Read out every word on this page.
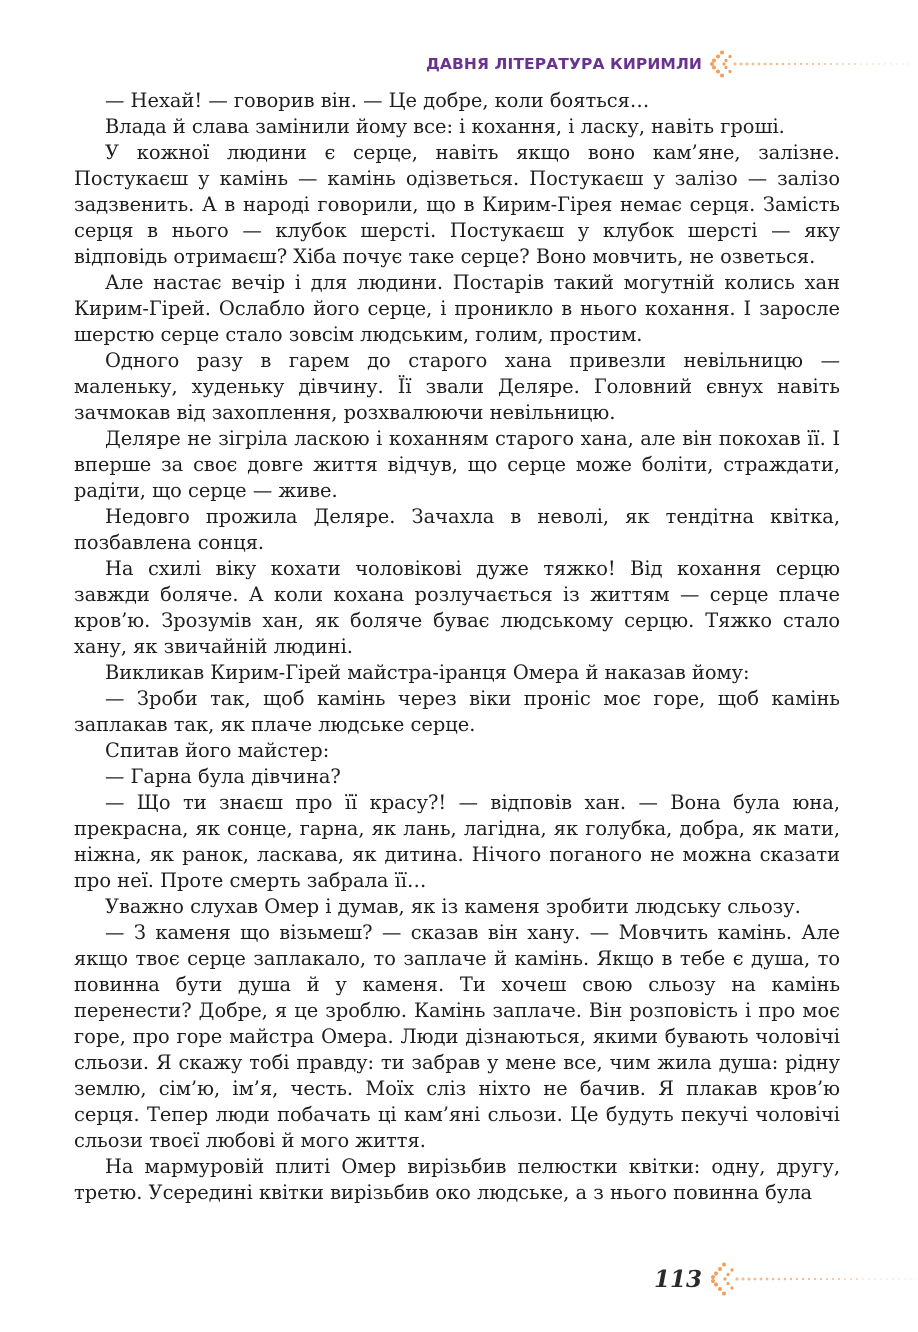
ДАВНЯ ЛІТЕРАТУРА КИРИМЛИ

— Нехай! — говорив він. — Це добре, коли бояться…

Влада й слава замінили йому все: і кохання, і ласку, навіть гроші.

У кожної людини є серце, навіть якщо воно кам’яне, залізне. Постукаєш у камінь — камінь одізветься. Постукаєш у залізо — залізо задзвенить. А в народі говорили, що в Кирим-Гірея немає серця. Замість серця в нього — клубок шерсті. Постукаєш у клубок шерсті — яку відповідь отримаєш? Хіба почує таке серце? Воно мовчить, не озветься.

Але настає вечір і для людини. Постарів такий могутній колись хан Кирим-Гірей. Ослабло його серце, і проникло в нього кохання. І заросле шерстю серце стало зовсім людським, голим, простим.

Одного разу в гарем до старого хана привезли невільницю — маленьку, худеньку дівчину. Її звали Деляре. Головний євнух навіть зачмокав від захоплення, розхвалюючи невільницю.

Деляре не зігріла ласкою і коханням старого хана, але він покохав її. І вперше за своє довге життя відчув, що серце може боліти, страждати, радіти, що серце — живе.

Недовго прожила Деляре. Зачахла в неволі, як тендітна квітка, позбавлена сонця.

На схилі віку кохати чоловікові дуже тяжко! Від кохання серцю завжди боляче. А коли кохана розлучається із життям — серце плаче кров’ю. Зрозумів хан, як боляче буває людському серцю. Тяжко стало хану, як звичайній людині.

Викликав Кирим-Гірей майстра-іранця Омера й наказав йому:

— Зроби так, щоб камінь через віки проніс моє горе, щоб камінь заплакав так, як плаче людське серце.

Спитав його майстер:

— Гарна була дівчина?

— Що ти знаєш про її красу?! — відповів хан. — Вона була юна, прекрасна, як сонце, гарна, як лань, лагідна, як голубка, добра, як мати, ніжна, як ранок, ласкава, як дитина. Нічого поганого не можна сказати про неї. Проте смерть забрала її…

Уважно слухав Омер і думав, як із каменя зробити людську сльозу.

— З каменя що візьмеш? — сказав він хану. — Мовчить камінь. Але якщо твоє серце заплакало, то заплаче й камінь. Якщо в тебе є душа, то повинна бути душа й у каменя. Ти хочеш свою сльозу на камінь перенести? Добре, я це зроблю. Камінь заплаче. Він розповість і про моє горе, про горе майстра Омера. Люди дізнаються, якими бувають чоловічі сльози. Я скажу тобі правду: ти забрав у мене все, чим жила душа: рідну землю, сім’ю, ім’я, честь. Моїх сліз ніхто не бачив. Я плакав кров’ю серця. Тепер люди побачать ці кам’яні сльози. Це будуть пекучі чоловічі сльози твоєї любові й мого життя.

На мармуровій плиті Омер вирізьбив пелюстки квітки: одну, другу, третю. Усередині квітки вирізьбив око людське, а з нього повинна була

113
